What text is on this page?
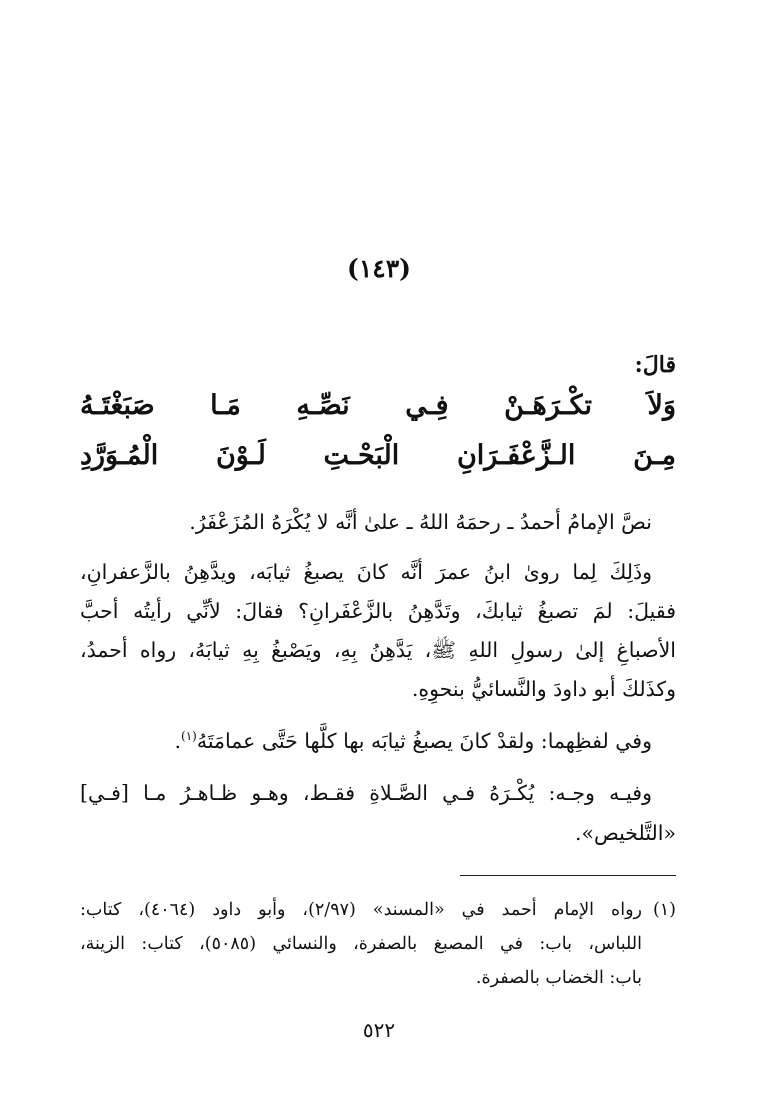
(١٤٣)
قالَ:
وَلاَ تكْـرَهَـنْ فِـي نَصِّـهِ مَـا صَبَغْتَـهُ
مِـنَ الـزَّعْفَـرَانِ الْبَحْـتِ لَـوْنَ الْمُـوَرَّدِ
نصَّ الإمامُ أحمدُ ـ رحمَهُ اللهُ ـ علىٰ أنَّه لا يُكْرَهُ المُزَعْفَرُ.
وذَلِكَ لِما روىٰ ابنُ عمرَ أنَّه كانَ يصبغُ ثيابَه، ويدَّهِنُ بالزَّعفرانِ،
فقيلَ: لمَ تصبغُ ثيابكَ، وتَدَّهِنُ بالزَّعْفَرانِ؟ فقالَ: لأنِّي رأيتُه أحبَّ
الأصباغِ إلىٰ رسولِ اللهِ ﷺ، يَدَّهِنُ بِهِ، ويَصْبغُ بِهِ ثيابَهُ، رواه أحمدُ،
وكذَلكَ أبو داودَ والنَّسائيُّ بنحوِهِ.
وفي لفظِهما: ولقدْ كانَ يصبغُ ثيابَه بها كلَّها حَتَّى عمامَتَهُ$^{(١)}$.
وفيـه وجـه: يُكْـرَهُ فـي الصَّـلاةِ فقـط، وهـو ظـاهـرُ مـا [فـي]
«التَّلخيص».
(١)
رواه الإمام أحمد في «المسند» (٢/٩٧)، وأبو داود (٤٠٦٤)، كتاب:
اللباس، باب: في المصبغ بالصفرة، والنسائي (٥٠٨٥)، كتاب: الزينة،
باب: الخضاب بالصفرة.
٥٢٢
